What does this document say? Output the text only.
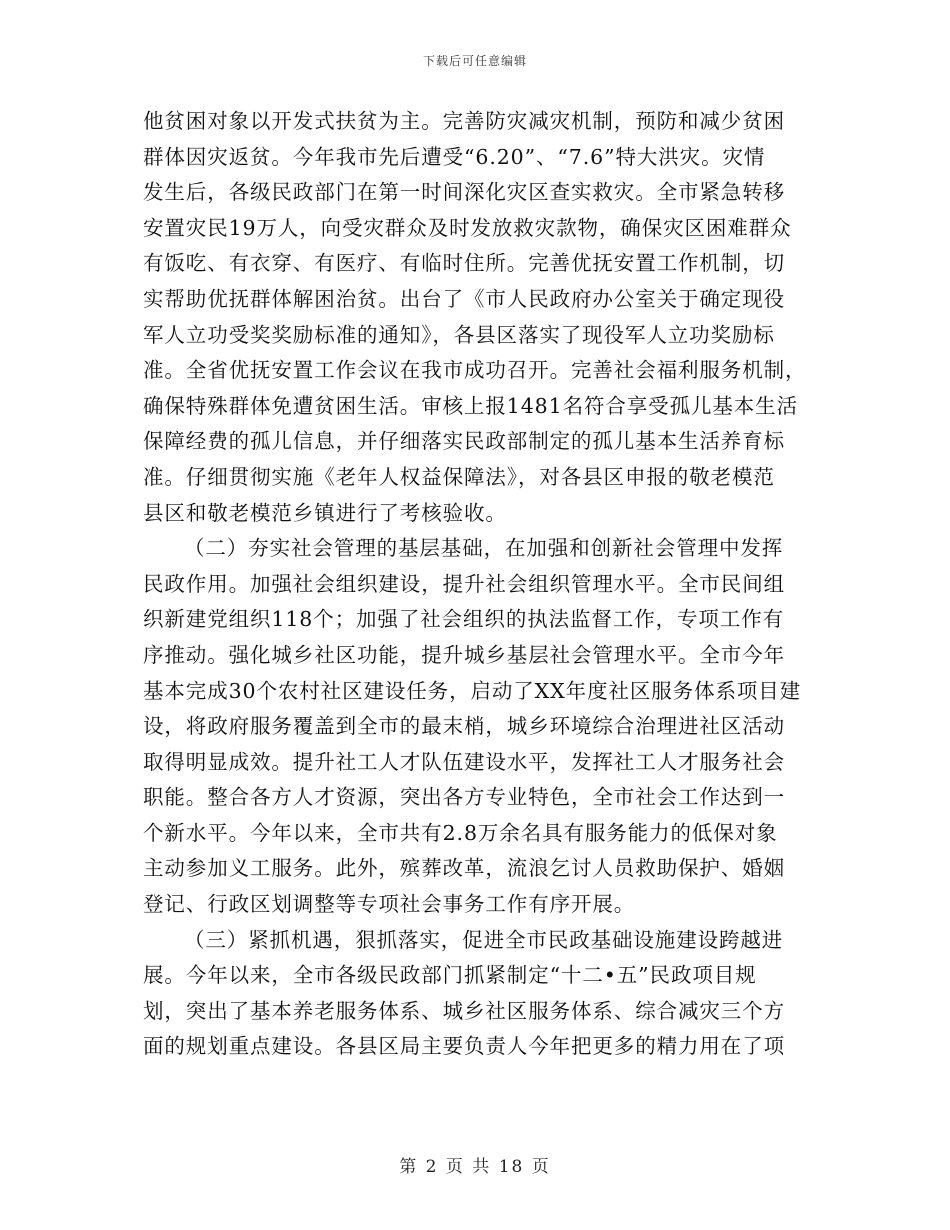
下载后可任意编辑
他贫困对象以开发式扶贫为主。完善防灾减灾机制，预防和减少贫困
群体因灾返贫。今年我市先后遭受“6.20”、“7.6”特大洪灾。灾情
发生后，各级民政部门在第一时间深化灾区查实救灾。全市紧急转移
安置灾民19万人，向受灾群众及时发放救灾款物，确保灾区困难群众
有饭吃、有衣穿、有医疗、有临时住所。完善优抚安置工作机制，切
实帮助优抚群体解困治贫。出台了《市人民政府办公室关于确定现役
军人立功受奖奖励标准的通知》，各县区落实了现役军人立功奖励标
准。全省优抚安置工作会议在我市成功召开。完善社会福利服务机制，
确保特殊群体免遭贫困生活。审核上报1481名符合享受孤儿基本生活
保障经费的孤儿信息，并仔细落实民政部制定的孤儿基本生活养育标
准。仔细贯彻实施《老年人权益保障法》，对各县区申报的敬老模范
县区和敬老模范乡镇进行了考核验收。
（二）夯实社会管理的基层基础，在加强和创新社会管理中发挥
民政作用。加强社会组织建设，提升社会组织管理水平。全市民间组
织新建党组织118个；加强了社会组织的执法监督工作，专项工作有
序推动。强化城乡社区功能，提升城乡基层社会管理水平。全市今年
基本完成30个农村社区建设任务，启动了XX年度社区服务体系项目建
设，将政府服务覆盖到全市的最末梢，城乡环境综合治理进社区活动
取得明显成效。提升社工人才队伍建设水平，发挥社工人才服务社会
职能。整合各方人才资源，突出各方专业特色，全市社会工作达到一
个新水平。今年以来，全市共有2.8万余名具有服务能力的低保对象
主动参加义工服务。此外，殡葬改革，流浪乞讨人员救助保护、婚姻
登记、行政区划调整等专项社会事务工作有序开展。
（三）紧抓机遇，狠抓落实，促进全市民政基础设施建设跨越进
展。今年以来，全市各级民政部门抓紧制定“十二•五”民政项目规
划，突出了基本养老服务体系、城乡社区服务体系、综合减灾三个方
面的规划重点建设。各县区局主要负责人今年把更多的精力用在了项
第 2 页 共 18 页
